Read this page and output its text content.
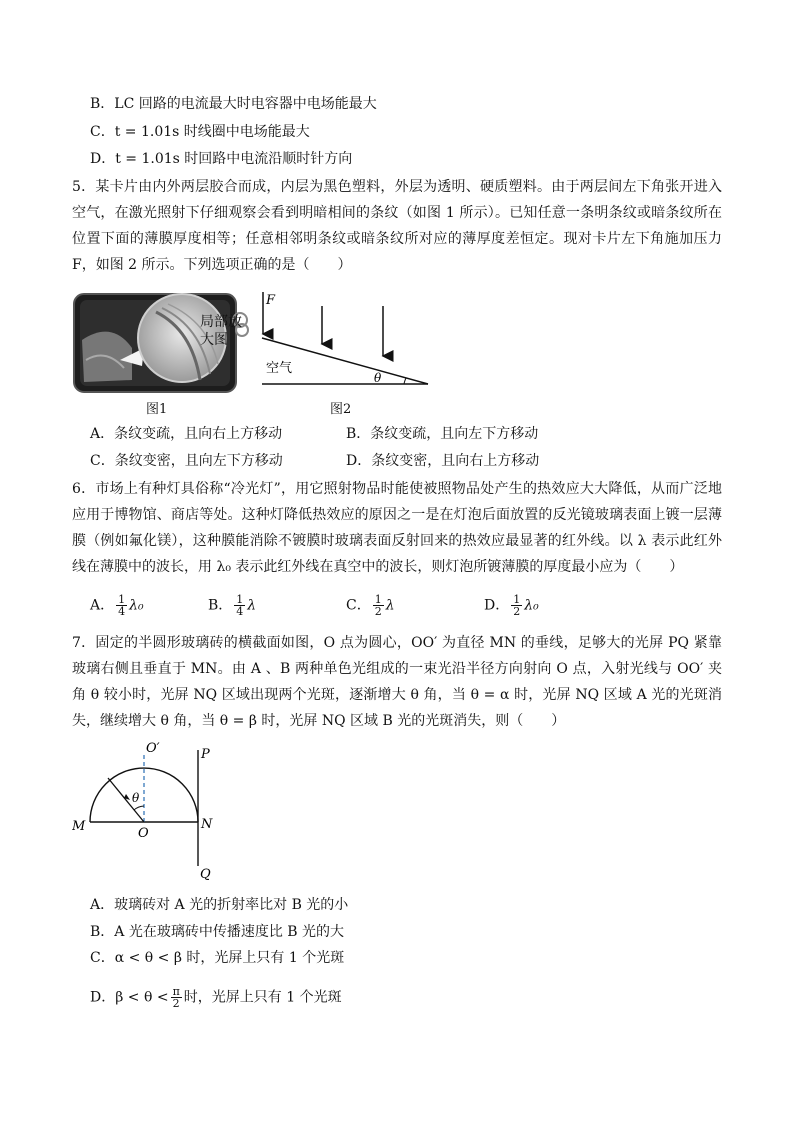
B．LC 回路的电流最大时电容器中电场能最大
C．t = 1.01s 时线圈中电场能最大
D．t = 1.01s 时回路中电流沿顺时针方向
5．某卡片由内外两层胶合而成，内层为黑色塑料，外层为透明、硬质塑料。由于两层间左下角张开进入空气，在激光照射下仔细观察会看到明暗相间的条纹（如图 1 所示）。已知任意一条明条纹或暗条纹所在位置下面的薄膜厚度相等；任意相邻明条纹或暗条纹所对应的薄厚度差恒定。现对卡片左下角施加压力 F，如图 2 所示。下列选项正确的是（　　）
局部放
大图
图1
F
空气
θ
图2
A．条纹变疏，且向右上方移动	B．条纹变疏，且向左下方移动
C．条纹变密，且向左下方移动	D．条纹变密，且向右上方移动
6．市场上有种灯具俗称“冷光灯”，用它照射物品时能使被照物品处产生的热效应大大降低，从而广泛地应用于博物馆、商店等处。这种灯降低热效应的原因之一是在灯泡后面放置的反光镜玻璃表面上镀一层薄膜（例如氟化镁），这种膜能消除不镀膜时玻璃表面反射回来的热效应最显著的红外线。以 λ 表示此红外线在薄膜中的波长，用 λ₀ 表示此红外线在真空中的波长，则灯泡所镀薄膜的厚度最小应为（　　）
A． $\frac{1}{4} \lambda_0$	B． $\frac{1}{4}$ λ	C． $\frac{1}{2}$ λ	D． $\frac{1}{2} \lambda_0$
7．固定的半圆形玻璃砖的横截面如图，O 点为圆心，OO′ 为直径 MN 的垂线，足够大的光屏 PQ 紧靠玻璃右侧且垂直于 MN。由 A 、B 两种单色光组成的一束光沿半径方向射向 O 点，入射光线与 OO′ 夹角 θ 较小时，光屏 NQ 区域出现两个光斑，逐渐增大 θ 角，当 θ = α 时，光屏 NQ 区域 A 光的光斑消失，继续增大 θ 角，当 θ = β 时，光屏 NQ 区域 B 光的光斑消失，则（　　）
O′	P
M	O
N
Q
θ
A．玻璃砖对 A 光的折射率比对 B 光的小
B．A 光在玻璃砖中传播速度比 B 光的大
C．α < θ < β 时，光屏上只有 1 个光斑
D．$\beta < \theta < \frac{\pi}{2}$ 时，光屏上只有 1 个光斑
